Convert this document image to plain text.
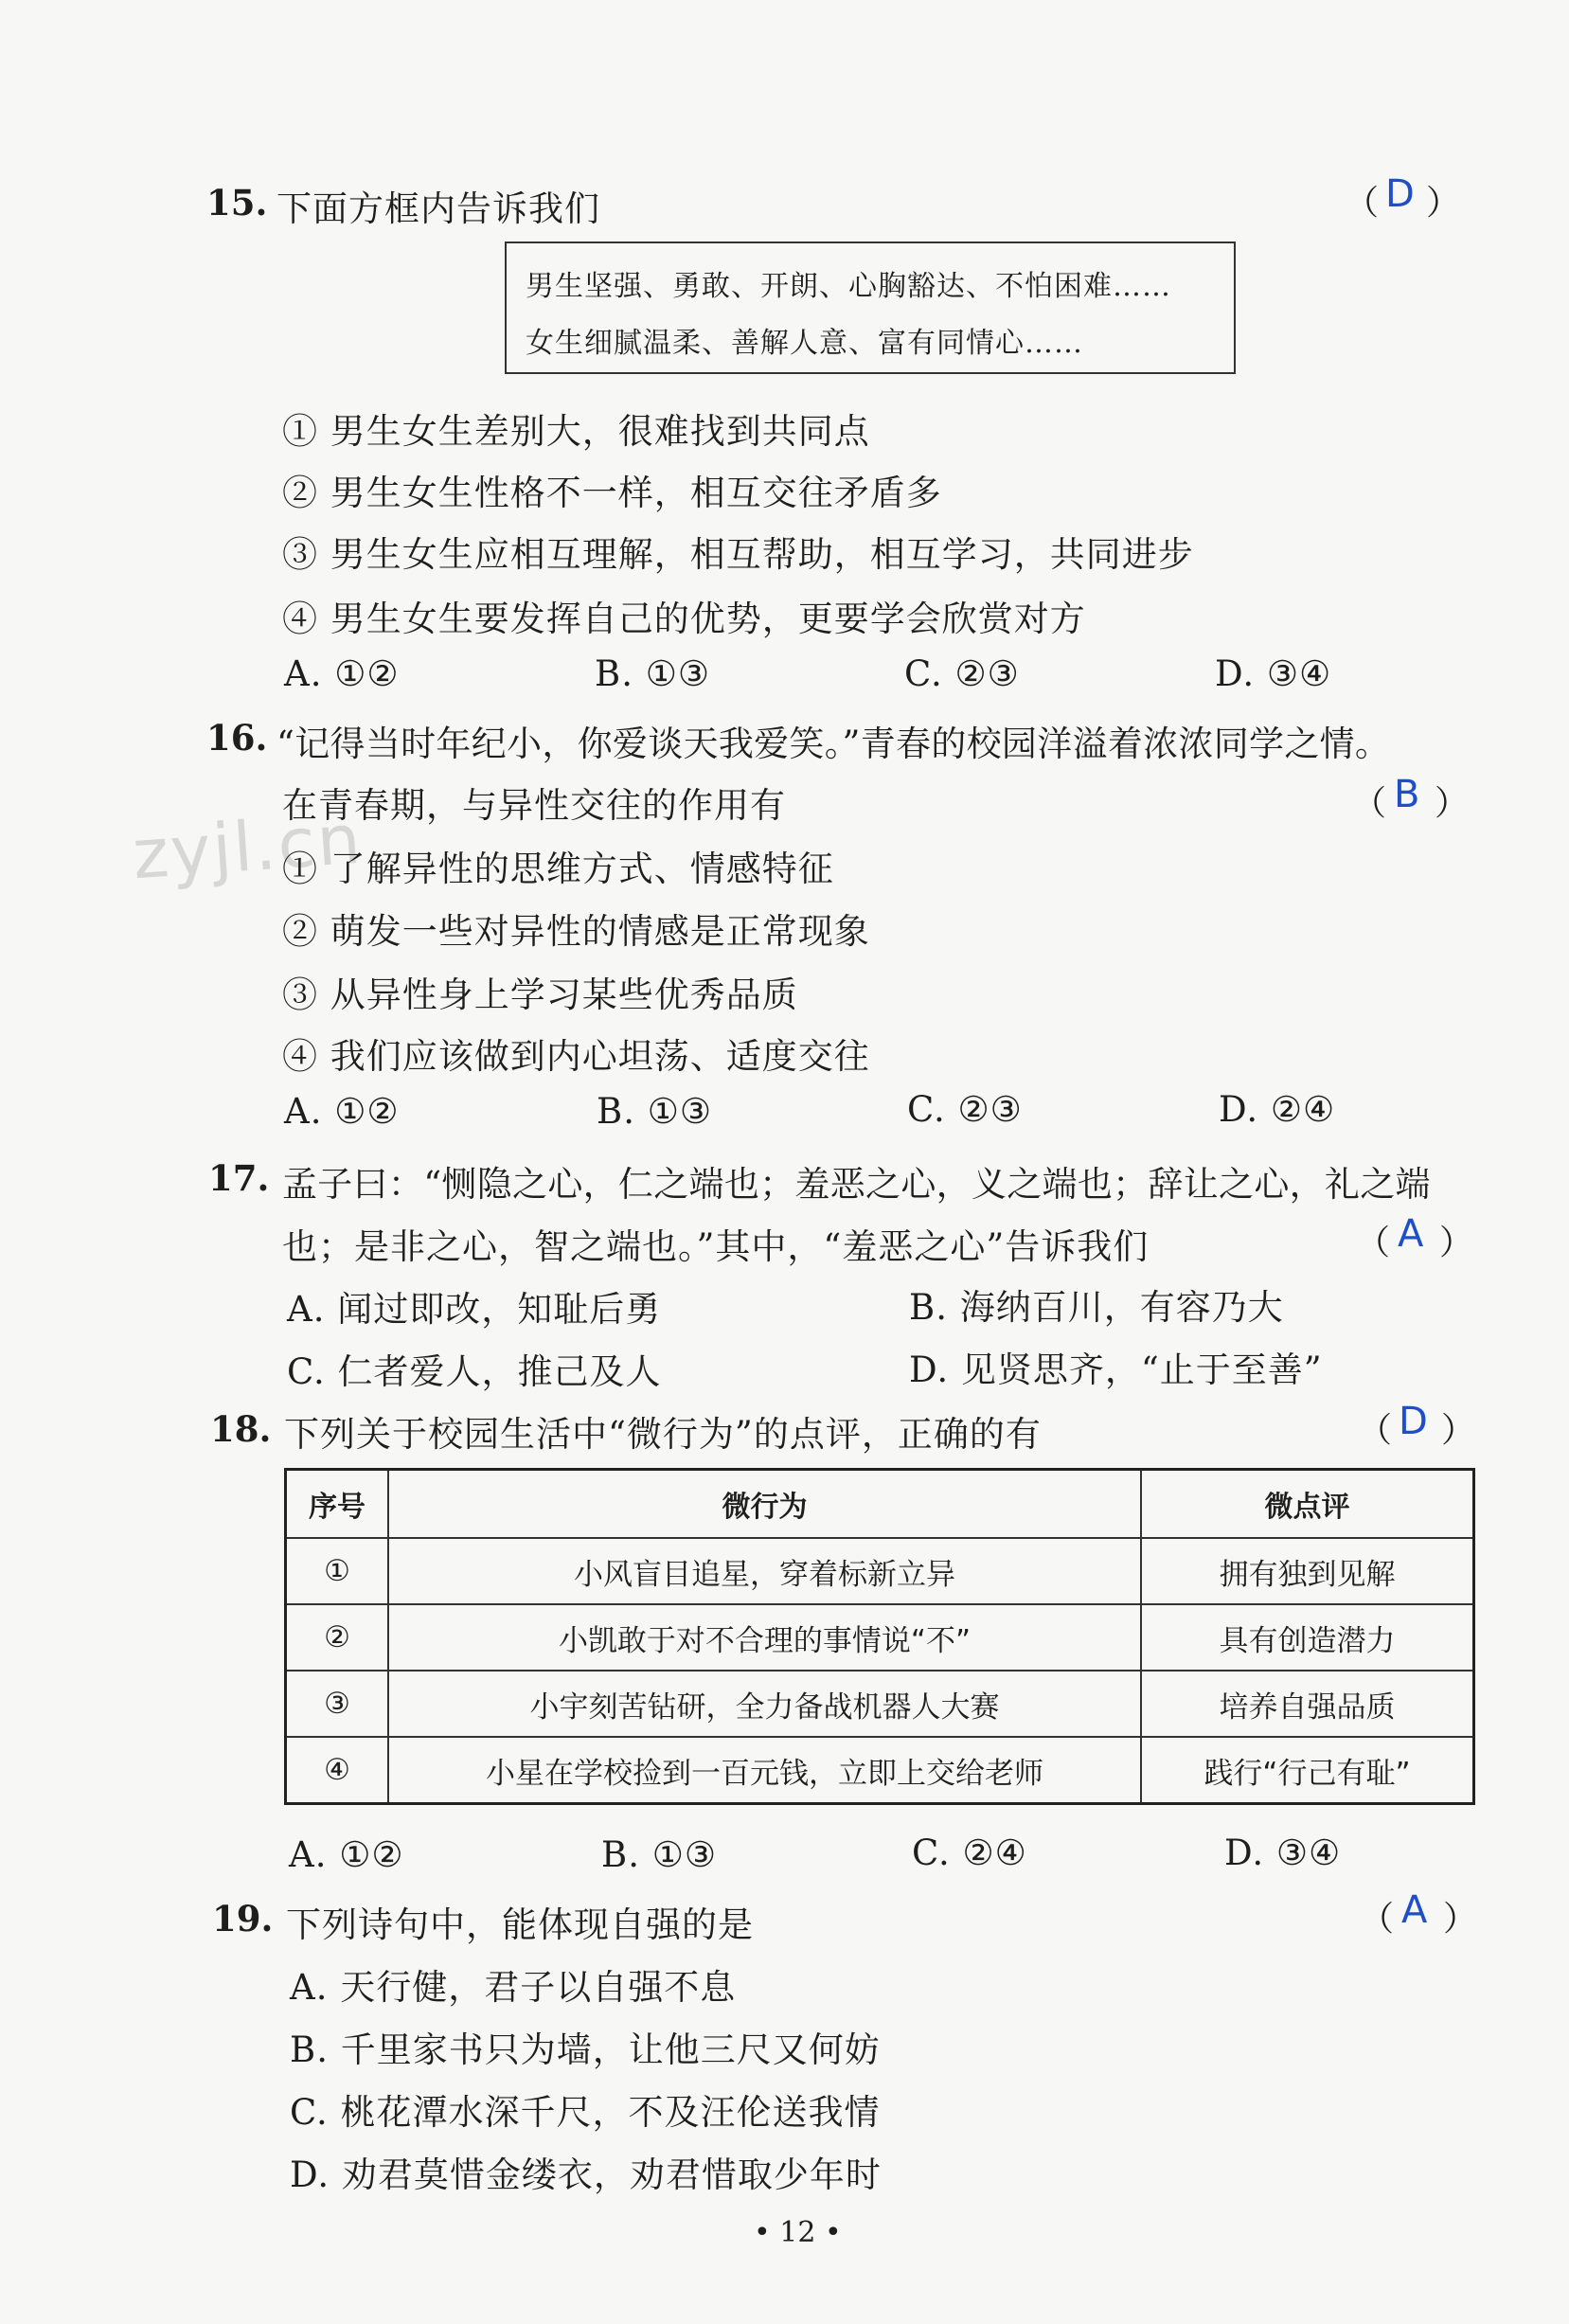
zyjl.cn
15. 下面方框内告诉我们	（ D ）
男生坚强、勇敢、开朗、心胸豁达、不怕困难……
女生细腻温柔、善解人意、富有同情心……
① 男生女生差别大，很难找到共同点
② 男生女生性格不一样，相互交往矛盾多
③ 男生女生应相互理解，相互帮助，相互学习，共同进步
④ 男生女生要发挥自己的优势，更要学会欣赏对方
A. ①②	B. ①③	C. ②③	D. ③④
16. “记得当时年纪小，你爱谈天我爱笑。”青春的校园洋溢着浓浓同学之情。
在青春期，与异性交往的作用有	（ B ）
① 了解异性的思维方式、情感特征
② 萌发一些对异性的情感是正常现象
③ 从异性身上学习某些优秀品质
④ 我们应该做到内心坦荡、适度交往
A. ①②	B. ①③	C. ②③	D. ②④
17. 孟子曰：“恻隐之心，仁之端也；羞恶之心，义之端也；辞让之心，礼之端
也；是非之心，智之端也。”其中，“羞恶之心”告诉我们	（ A ）
A. 闻过即改，知耻后勇	B. 海纳百川，有容乃大
C. 仁者爱人，推己及人	D. 见贤思齐，“止于至善”
18. 下列关于校园生活中“微行为”的点评，正确的有	（ D ）
序号	微行为	微点评
①	小风盲目追星，穿着标新立异	拥有独到见解
②	小凯敢于对不合理的事情说“不”	具有创造潜力
③	小宇刻苦钻研，全力备战机器人大赛	培养自强品质
④	小星在学校捡到一百元钱，立即上交给老师	践行“行己有耻”
A. ①②	B. ①③	C. ②④	D. ③④
19. 下列诗句中，能体现自强的是	（ A ）
A. 天行健，君子以自强不息
B. 千里家书只为墙，让他三尺又何妨
C. 桃花潭水深千尺，不及汪伦送我情
D. 劝君莫惜金缕衣，劝君惜取少年时
• 12 •
